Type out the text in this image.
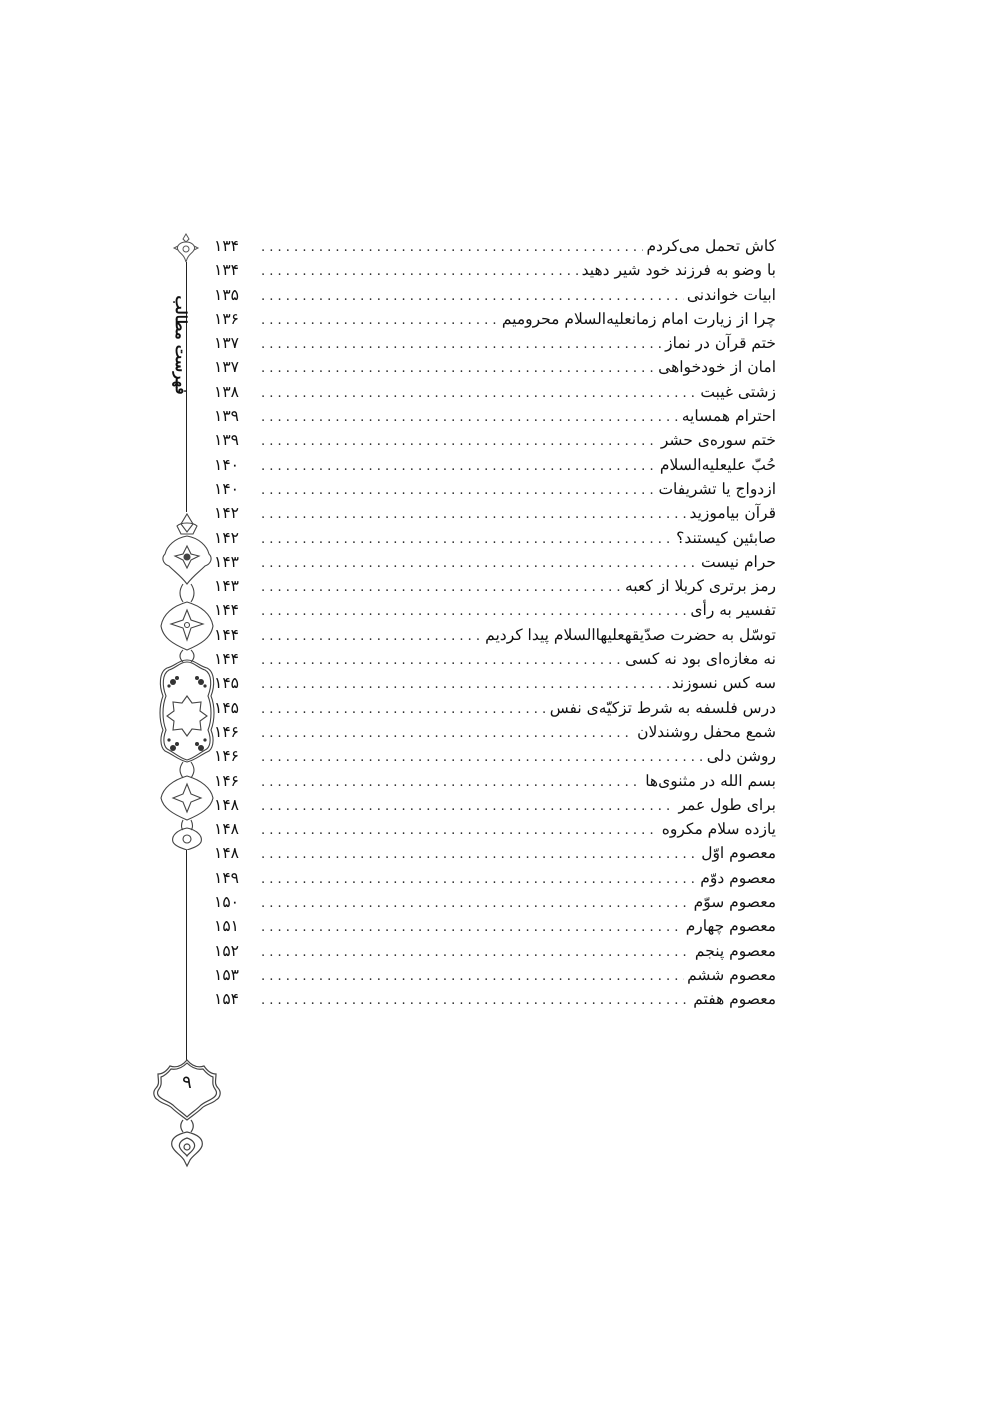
فهرست مطالب
۹
کاش تحمل می‌کردم
. . .
۱۳۴
با وضو به فرزند خود شیر دهید
. . .
۱۳۴
ابیات خواندنی
. . .
۱۳۵
چرا از زیارت امام زمانعلیه‌السلام محرومیم
. . .
۱۳۶
ختم قرآن در نماز
. . .
۱۳۷
امان از خودخواهی
. . .
۱۳۷
زشتی غیبت
. . .
۱۳۸
احترام همسایه
. . .
۱۳۹
ختم سوره‌ی حشر
. . .
۱۳۹
حُبّ علیعلیه‌السلام
. . .
۱۴۰
ازدواج یا تشریفات
. . .
۱۴۰
قرآن بیاموزید
. . .
۱۴۲
صابئین کیستند؟
. . .
۱۴۲
حرام نیست
. . .
۱۴۳
رمز برتری کربلا از کعبه
. . .
۱۴۳
تفسیر به رأی
. . .
۱۴۴
توسّل به حضرت صدّیقهعلیها‌السلام پیدا کردیم
. . .
۱۴۴
نه مغازه‌ای بود نه کسی
. . .
۱۴۴
سه کس نسوزند
. . .
۱۴۵
درس فلسفه به شرط تزکیّه‌ی نفس
. . .
۱۴۵
شمع محفل روشندلان
. . .
۱۴۶
روشن دلی
. . .
۱۴۶
بسم الله در مثنوی‌ها
. . .
۱۴۶
برای طول عمر
. . .
۱۴۸
یازده سلام مکروه
. . .
۱۴۸
معصوم اوّل
. . .
۱۴۸
معصوم دوّم
. . .
۱۴۹
معصوم سوّم
. . .
۱۵۰
معصوم چهارم
. . .
۱۵۱
معصوم پنجم
. . .
۱۵۲
معصوم ششم
. . .
۱۵۳
معصوم هفتم
. . .
۱۵۴
